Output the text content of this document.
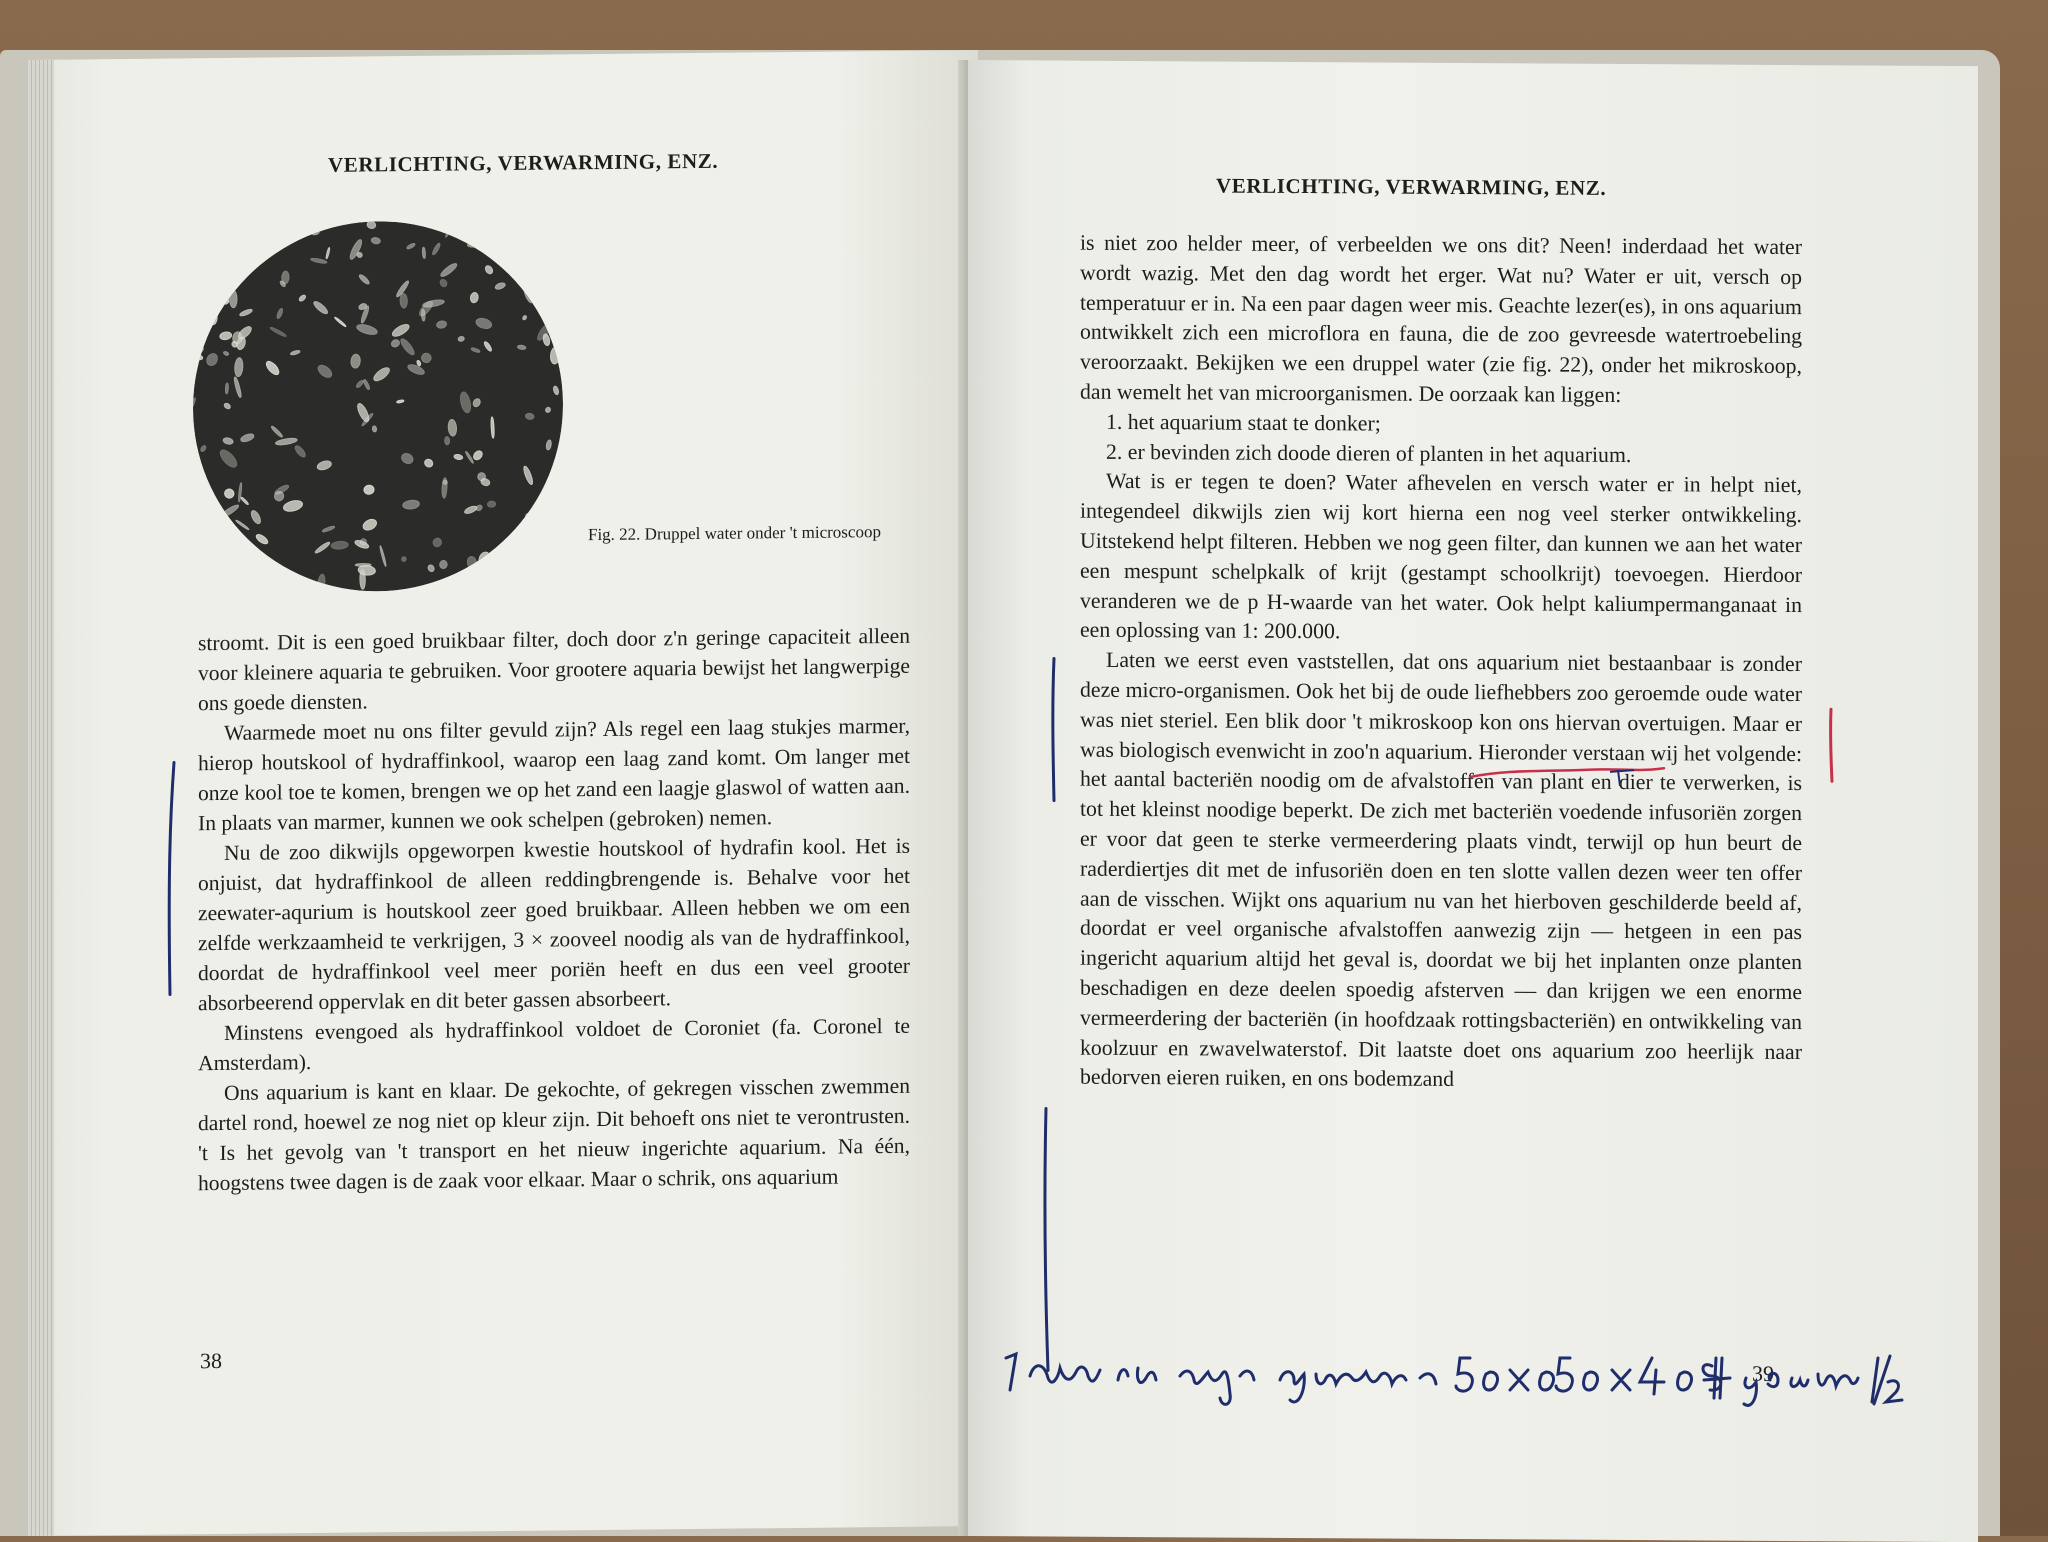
VERLICHTING, VERWARMING, ENZ.
Fig. 22. Druppel water onder 't microscoop

stroomt. Dit is een goed bruikbaar filter, doch door z'n geringe capaciteit alleen voor kleinere aquaria te gebruiken. Voor grootere aquaria bewijst het langwerpige ons goede diensten.

Waarmede moet nu ons filter gevuld zijn? Als regel een laag stukjes marmer, hierop houtskool of hydraffinkool, waarop een laag zand komt. Om langer met onze kool toe te komen, brengen we op het zand een laagje glaswol of watten aan. In plaats van marmer, kunnen we ook schelpen (gebroken) nemen.

Nu de zoo dikwijls opgeworpen kwestie houtskool of hydrafin kool. Het is onjuist, dat hydraffinkool de alleen reddingbrengende is. Behalve voor het zeewater-aqurium is houtskool zeer goed bruikbaar. Alleen hebben we om een zelfde werkzaamheid te verkrijgen, 3 × zooveel noodig als van de hydraffinkool, doordat de hydraffinkool veel meer poriën heeft en dus een veel grooter absorbeerend oppervlak en dit beter gassen absorbeert.

Minstens evengoed als hydraffinkool voldoet de Coroniet (fa. Coronel te Amsterdam).

Ons aquarium is kant en klaar. De gekochte, of gekregen visschen zwemmen dartel rond, hoewel ze nog niet op kleur zijn. Dit behoeft ons niet te verontrusten. 't Is het gevolg van 't transport en het nieuw ingerichte aquarium. Na één, hoogstens twee dagen is de zaak voor elkaar. Maar o schrik, ons aquarium

38
VERLICHTING, VERWARMING, ENZ.

is niet zoo helder meer, of verbeelden we ons dit? Neen! inderdaad het water wordt wazig. Met den dag wordt het erger. Wat nu? Water er uit, versch op temperatuur er in. Na een paar dagen weer mis. Geachte lezer(es), in ons aquarium ontwikkelt zich een microflora en fauna, die de zoo gevreesde watertroebeling veroorzaakt. Bekijken we een druppel water (zie fig. 22), onder het mikroskoop, dan wemelt het van microorganismen. De oorzaak kan liggen:

1. het aquarium staat te donker;
2. er bevinden zich doode dieren of planten in het aquarium.

Wat is er tegen te doen? Water afhevelen en versch water er in helpt niet, integendeel dikwijls zien wij kort hierna een nog veel sterker ontwikkeling. Uitstekend helpt filteren. Hebben we nog geen filter, dan kunnen we aan het water een mespunt schelpkalk of krijt (gestampt schoolkrijt) toevoegen. Hierdoor veranderen we de p H-waarde van het water. Ook helpt kaliumpermanganaat in een oplossing van 1: 200.000.

Laten we eerst even vaststellen, dat ons aquarium niet bestaanbaar is zonder deze micro-organismen. Ook het bij de oude liefhebbers zoo geroemde oude water was niet steriel. Een blik door 't mikroskoop kon ons hiervan overtuigen. Maar er was biologisch evenwicht in zoo'n aquarium. Hieronder verstaan wij het volgende: het aantal bacteriën noodig om de afvalstoffen van plant en dier te verwerken, is tot het kleinst noodige beperkt. De zich met bacteriën voedende infusoriën zorgen er voor dat geen te sterke vermeerdering plaats vindt, terwijl op hun beurt de raderdiertjes dit met de infusoriën doen en ten slotte vallen dezen weer ten offer aan de visschen. Wijkt ons aquarium nu van het hierboven geschilderde beeld af, doordat er veel organische afvalstoffen aanwezig zijn — hetgeen in een pas ingericht aquarium altijd het geval is, doordat we bij het inplanten onze planten beschadigen en deze deelen spoedig afsterven — dan krijgen we een enorme vermeerdering der bacteriën (in hoofdzaak rottingsbacteriën) en ontwikkeling van koolzuur en zwavelwaterstof. Dit laatste doet ons aquarium zoo heerlijk naar bedorven eieren ruiken, en ons bodemzand

39
